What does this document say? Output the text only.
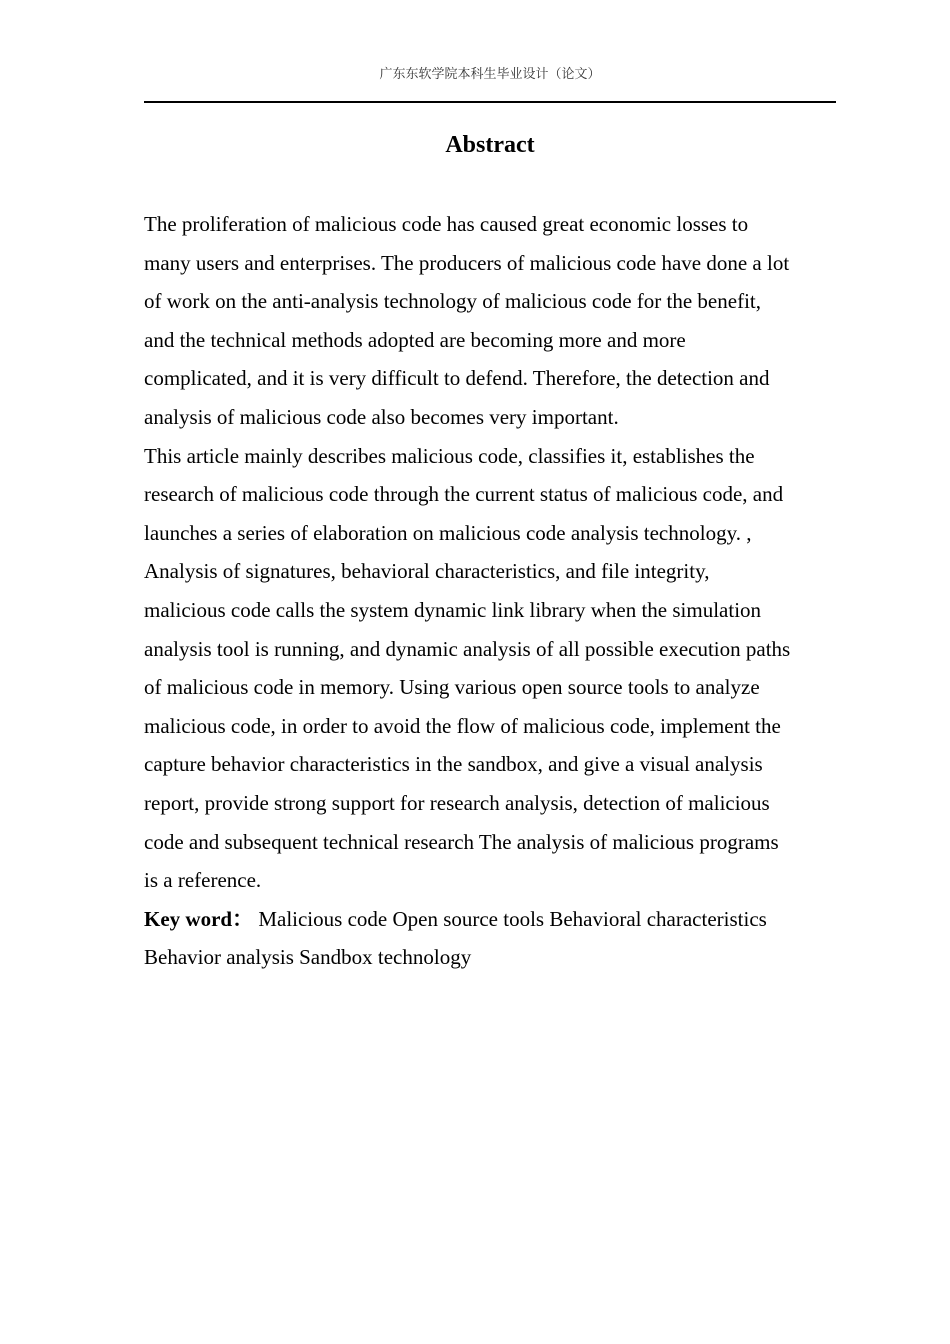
广东东软学院本科生毕业设计（论文）
Abstract
The proliferation of malicious code has caused great economic losses to
many users and enterprises. The producers of malicious code have done a lot
of work on the anti-analysis technology of malicious code for the benefit,
and the technical methods adopted are becoming more and more
complicated, and it is very difficult to defend. Therefore, the detection and
analysis of malicious code also becomes very important.
This article mainly describes malicious code, classifies it, establishes the
research of malicious code through the current status of malicious code, and
launches a series of elaboration on malicious code analysis technology. ,
Analysis of signatures, behavioral characteristics, and file integrity,
malicious code calls the system dynamic link library when the simulation
analysis tool is running, and dynamic analysis of all possible execution paths
of malicious code in memory. Using various open source tools to analyze
malicious code, in order to avoid the flow of malicious code, implement the
capture behavior characteristics in the sandbox, and give a visual analysis
report, provide strong support for research analysis, detection of malicious
code and subsequent technical research The analysis of malicious programs
is a reference.
Key word： Malicious code Open source tools Behavioral characteristics
Behavior analysis Sandbox technology
